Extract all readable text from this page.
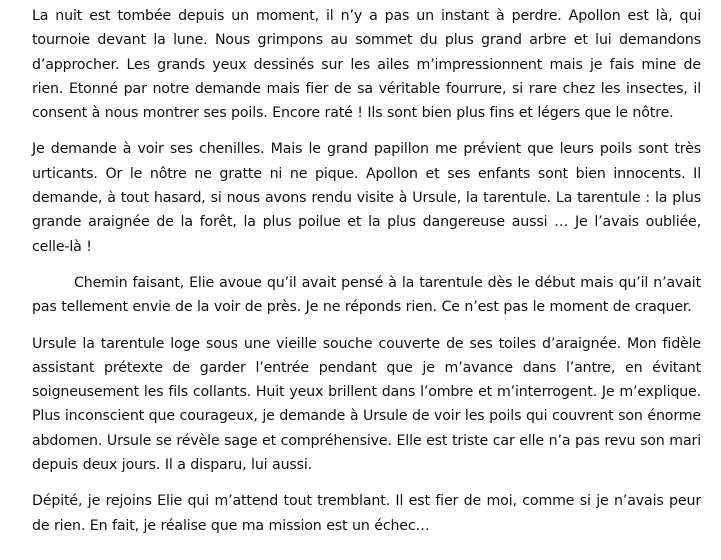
La nuit est tombée depuis un moment, il n’y a pas un instant à perdre. Apollon est là, qui tournoie devant la lune. Nous grimpons au sommet du plus grand arbre et lui demandons d’approcher. Les grands yeux dessinés sur les ailes m’impressionnent mais je fais mine de rien. Etonné par notre demande mais fier de sa véritable fourrure, si rare chez les insectes, il consent à nous montrer ses poils. Encore raté ! Ils sont bien plus fins et légers que le nôtre.

Je demande à voir ses chenilles. Mais le grand papillon me prévient que leurs poils sont très urticants. Or le nôtre ne gratte ni ne pique. Apollon et ses enfants sont bien innocents. Il demande, à tout hasard, si nous avons rendu visite à Ursule, la tarentule. La tarentule : la plus grande araignée de la forêt, la plus poilue et la plus dangereuse aussi … Je l’avais oubliée, celle-là !

Chemin faisant, Elie avoue qu’il avait pensé à la tarentule dès le début mais qu’il n’avait pas tellement envie de la voir de près. Je ne réponds rien. Ce n’est pas le moment de craquer.

Ursule la tarentule loge sous une vieille souche couverte de ses toiles d’araignée. Mon fidèle assistant prétexte de garder l’entrée pendant que je m’avance dans l’antre, en évitant soigneusement les fils collants. Huit yeux brillent dans l’ombre et m’interrogent. Je m’explique. Plus inconscient que courageux, je demande à Ursule de voir les poils qui couvrent son énorme abdomen. Ursule se révèle sage et compréhensive. Elle est triste car elle n’a pas revu son mari depuis deux jours. Il a disparu, lui aussi.

Dépité, je rejoins Elie qui m’attend tout tremblant. Il est fier de moi, comme si je n’avais peur de rien. En fait, je réalise que ma mission est un échec…
